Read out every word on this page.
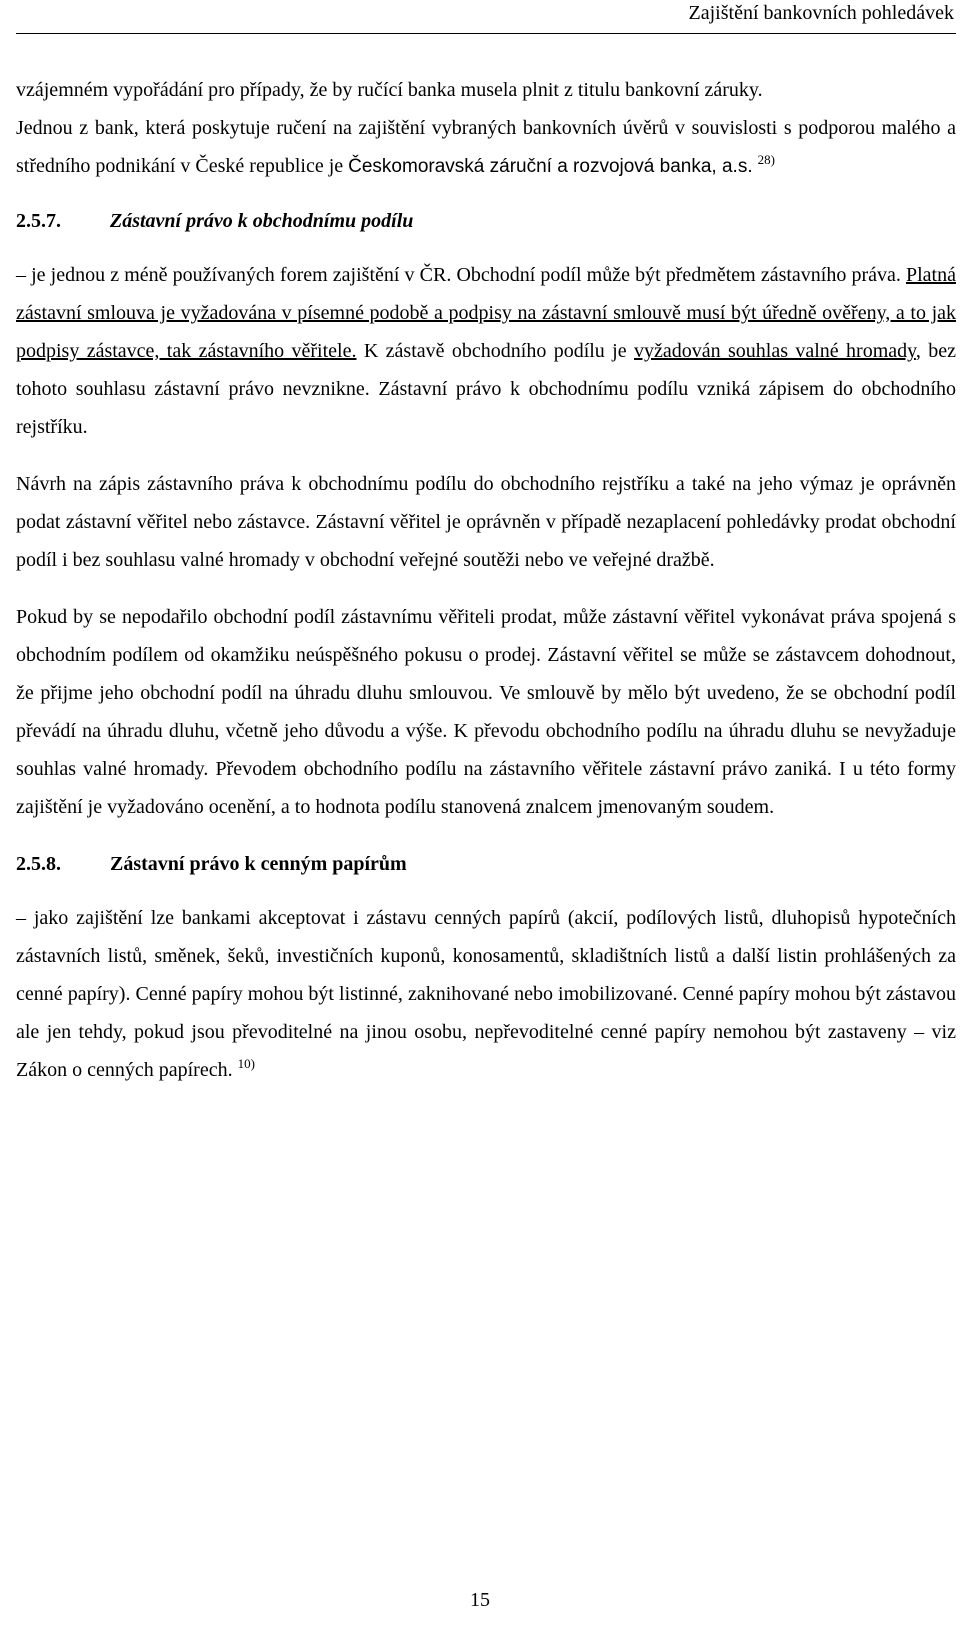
Zajištění bankovních pohledávek

vzájemném vypořádání pro případy, že by ručící banka musela plnit z titulu bankovní záruky.

Jednou z bank, která poskytuje ručení na zajištění vybraných bankovních úvěrů v souvislosti s podporou malého a středního podnikání v České republice je Českomoravská záruční a rozvojová banka, a.s. $^{28)}$

2.5.7.	Zástavní právo k obchodnímu podílu

– je jednou z méně používaných forem zajištění v ČR. Obchodní podíl může být předmětem zástavního práva. Platná zástavní smlouva je vyžadována v písemné podobě a podpisy na zástavní smlouvě musí být úředně ověřeny, a to jak podpisy zástavce, tak zástavního věřitele. K zástavě obchodního podílu je vyžadován souhlas valné hromady, bez tohoto souhlasu zástavní právo nevznikne. Zástavní právo k obchodnímu podílu vzniká zápisem do obchodního rejstříku.

Návrh na zápis zástavního práva k obchodnímu podílu do obchodního rejstříku a také na jeho výmaz je oprávněn podat zástavní věřitel nebo zástavce. Zástavní věřitel je oprávněn v případě nezaplacení pohledávky prodat obchodní podíl i bez souhlasu valné hromady v obchodní veřejné soutěži nebo ve veřejné dražbě.

Pokud by se nepodařilo obchodní podíl zástavnímu věřiteli prodat, může zástavní věřitel vykonávat práva spojená s obchodním podílem od okamžiku neúspěšného pokusu o prodej. Zástavní věřitel se může se zástavcem dohodnout, že přijme jeho obchodní podíl na úhradu dluhu smlouvou. Ve smlouvě by mělo být uvedeno, že se obchodní podíl převádí na úhradu dluhu, včetně jeho důvodu a výše. K převodu obchodního podílu na úhradu dluhu se nevyžaduje souhlas valné hromady. Převodem obchodního podílu na zástavního věřitele zástavní právo zaniká. I u této formy zajištění je vyžadováno ocenění, a to hodnota podílu stanovená znalcem jmenovaným soudem.

2.5.8.	Zástavní právo k cenným papírům

– jako zajištění lze bankami akceptovat i zástavu cenných papírů (akcií, podílových listů, dluhopisů hypotečních zástavních listů, směnek, šeků, investičních kuponů, konosamentů, skladištních listů a další listin prohlášených za cenné papíry). Cenné papíry mohou být listinné, zaknihované nebo imobilizované. Cenné papíry mohou být zástavou ale jen tehdy, pokud jsou převoditelné na jinou osobu, nepřevoditelné cenné papíry nemohou být zastaveny – viz Zákon o cenných papírech. $^{10)}$

15
